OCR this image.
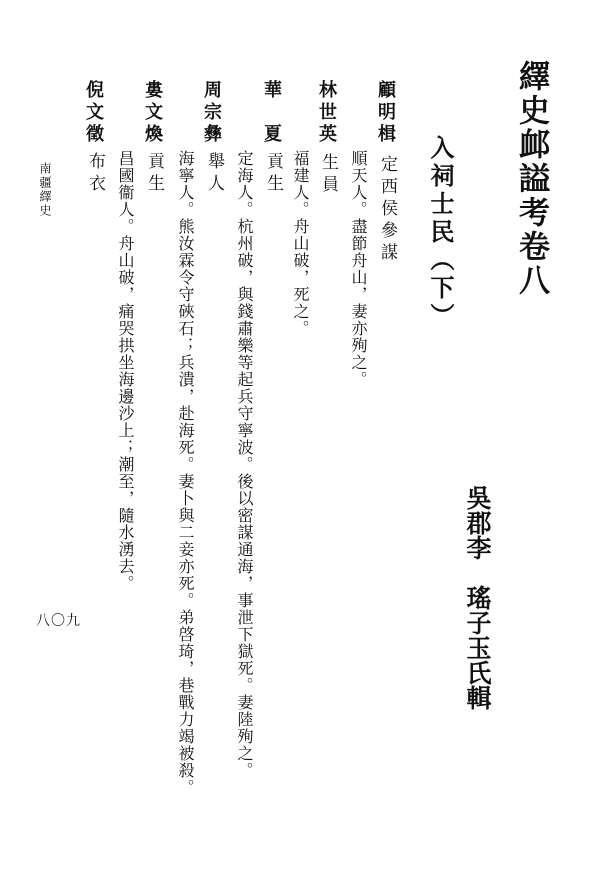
繹史䘏謚考卷八
入祠士民（下）
吳郡李
瑤子玉氏輯
顧明楫
定西侯參謀
順天人。盡節舟山，妻亦殉之。
林世英
生員
福建人。舟山破，死之。
華　夏
貢生
定海人。杭州破，與錢肅樂等起兵守寧波。後以密謀通海，事泄下獄死。妻陸殉之。
周宗彝
舉人
海寧人。熊汝霖令守硤石；兵潰，赴海死。妻卜與二妾亦死。弟啓琦，巷戰力竭被殺。
婁文煥
貢生
昌國衞人。舟山破，痛哭拱坐海邊沙上；潮至，隨水湧去。
倪文徵
布衣
南疆繹史
八〇九
